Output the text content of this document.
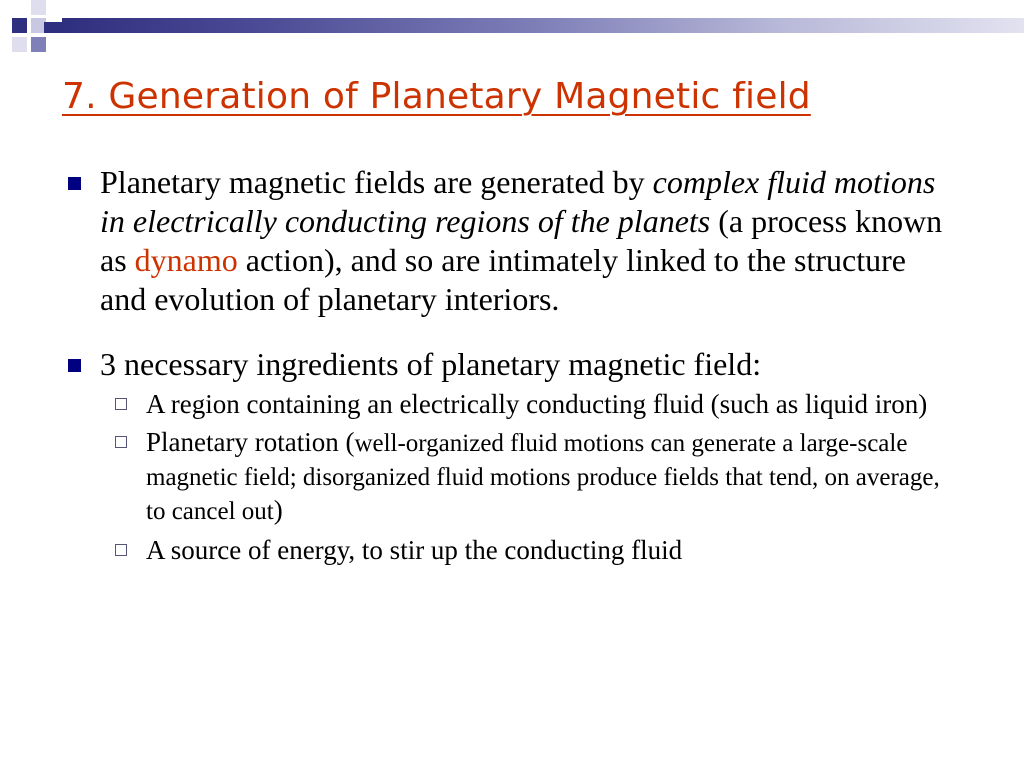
7. Generation of Planetary Magnetic field
Planetary magnetic fields are generated by complex fluid motions in electrically conducting regions of the planets (a process known as dynamo action), and so are intimately linked to the structure and evolution of planetary interiors.
3 necessary ingredients of planetary magnetic field:
A region containing an electrically conducting fluid (such as liquid iron)
Planetary rotation (well-organized fluid motions can generate a large-scale magnetic field; disorganized fluid motions produce fields that tend, on average, to cancel out)
A source of energy, to stir up the conducting fluid
